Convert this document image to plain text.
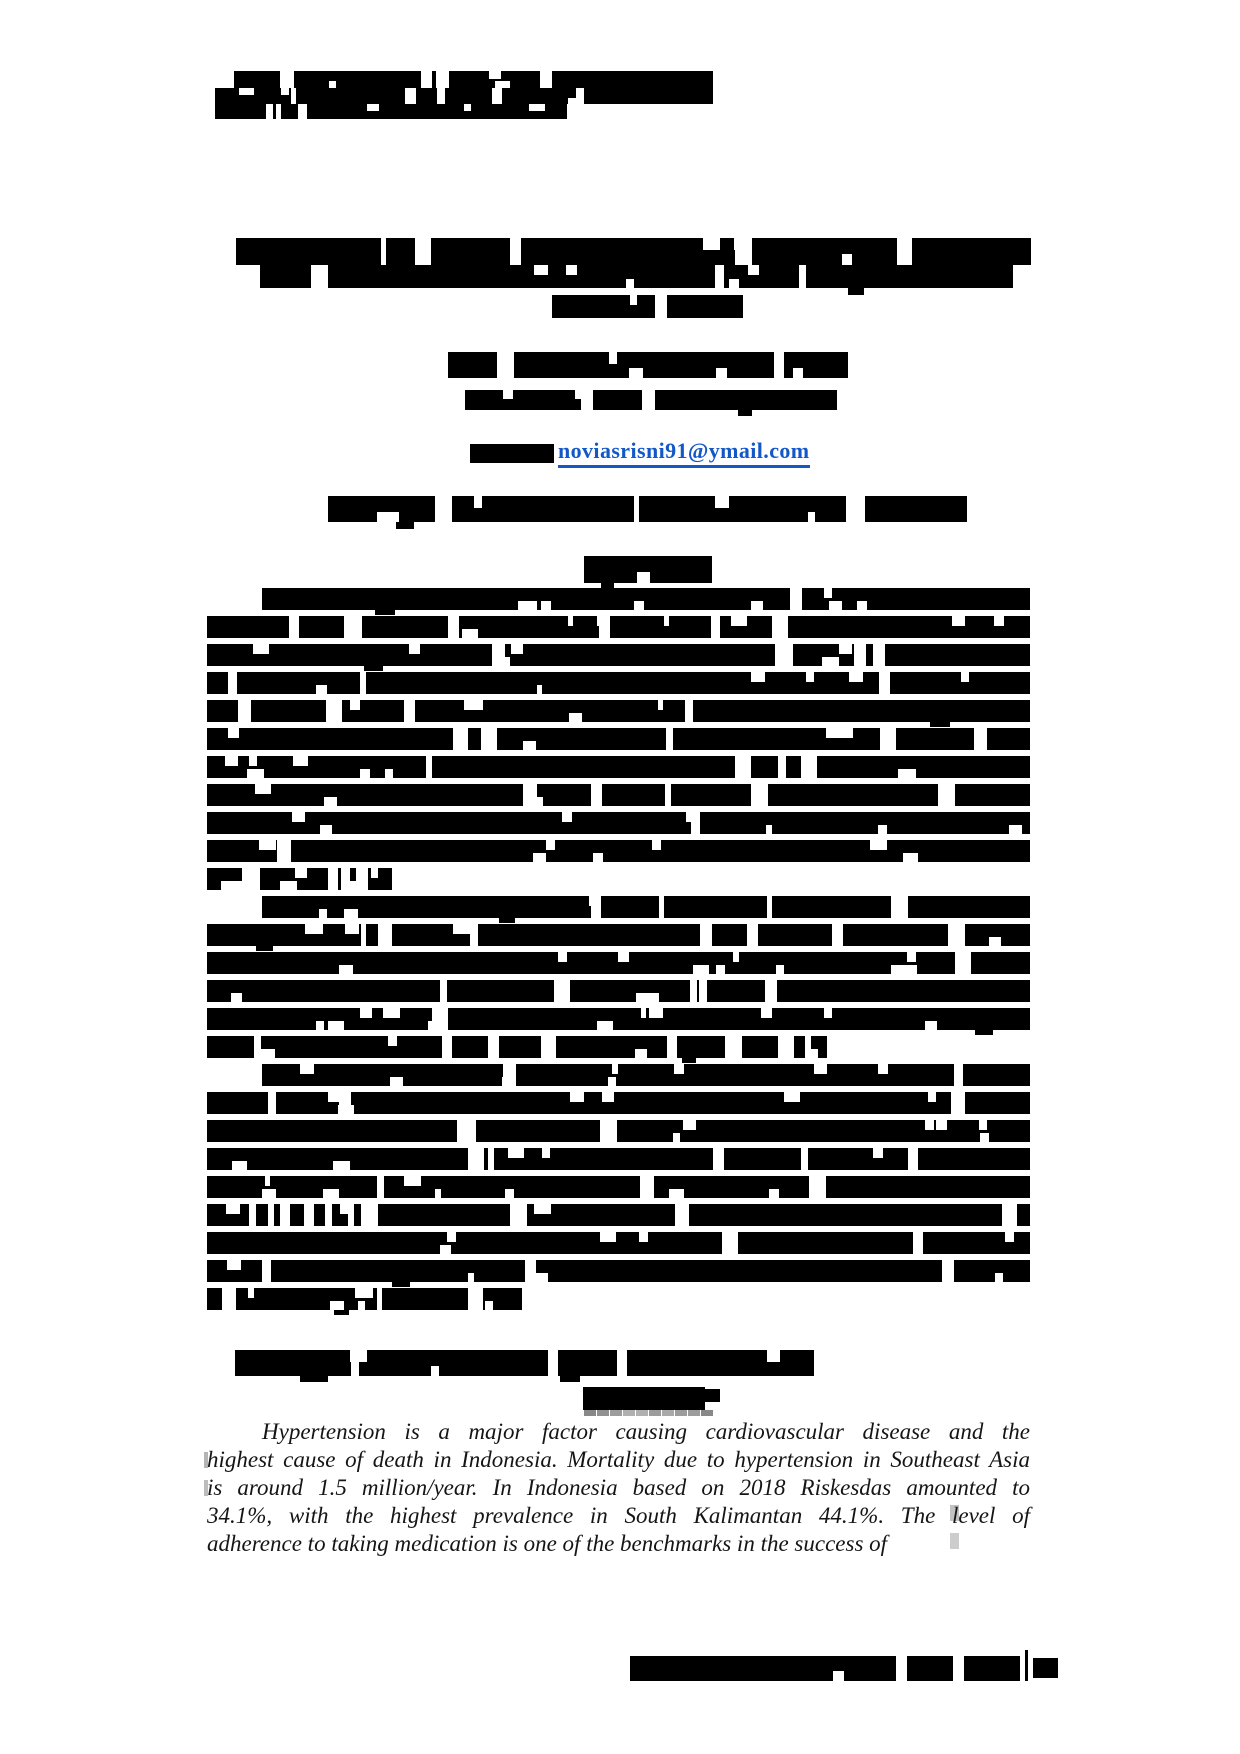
noviasrisni91@ymail.com
Hypertension is a major factor causing cardiovascular disease and the
highest cause of death in Indonesia. Mortality due to hypertension in Southeast Asia
is around 1.5 million/year. In Indonesia based on 2018 Riskesdas amounted to
34.1%, with the highest prevalence in South Kalimantan 44.1%. The level of
adherence to taking medication is one of the benchmarks in the success of
